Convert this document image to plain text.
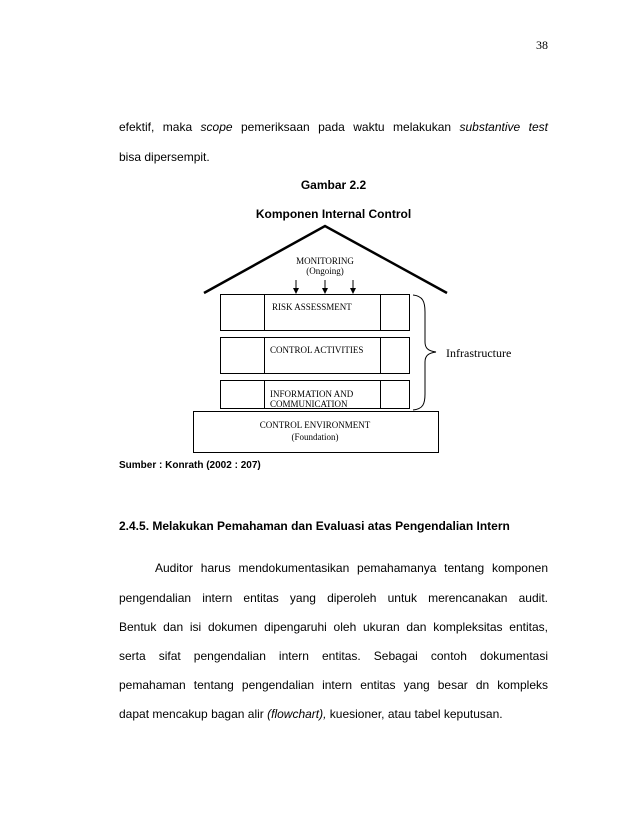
38
efektif, maka scope pemeriksaan pada waktu melakukan substantive test
bisa dipersempit.
Gambar 2.2
Komponen Internal Control
MONITORING
(Ongoing)
RISK ASSESSMENT
CONTROL ACTIVITIES
INFORMATION AND
COMMUNICATION
CONTROL ENVIRONMENT
(Foundation)
Infrastructure
Sumber : Konrath (2002 : 207)
2.4.5. Melakukan Pemahaman dan Evaluasi atas Pengendalian Intern
Auditor harus mendokumentasikan pemahamanya tentang komponen
pengendalian intern entitas yang diperoleh untuk merencanakan audit.
Bentuk dan isi dokumen dipengaruhi oleh ukuran dan kompleksitas entitas,
serta sifat pengendalian intern entitas. Sebagai contoh dokumentasi
pemahaman tentang pengendalian intern entitas yang besar dn kompleks
dapat mencakup bagan alir (flowchart), kuesioner, atau tabel keputusan.
